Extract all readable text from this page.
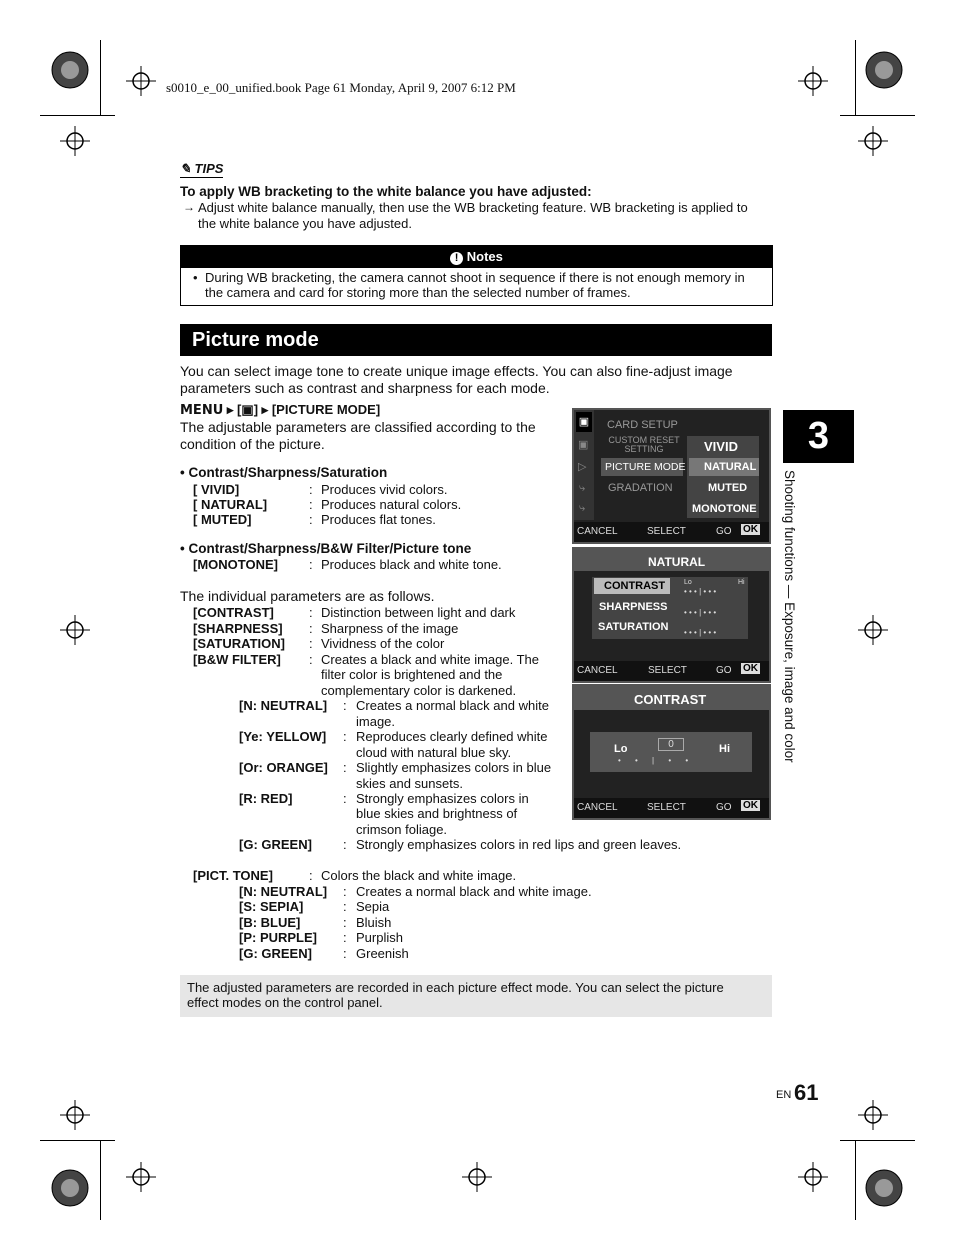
s0010_e_00_unified.book Page 61 Monday, April 9, 2007 6:12 PM
✎ TIPS
To apply WB bracketing to the white balance you have adjusted:
→ Adjust white balance manually, then use the WB bracketing feature. WB bracketing is applied to
the white balance you have adjusted.
! Notes
• During WB bracketing, the camera cannot shoot in sequence if there is not enough memory in
the camera and card for storing more than the selected number of frames.
Picture mode
You can select image tone to create unique image effects. You can also fine-adjust image
parameters such as contrast and sharpness for each mode.
MENU ▸ [▣] ▸ [PICTURE MODE]
The adjustable parameters are classified according to the
condition of the picture.
• Contrast/Sharpness/Saturation
[ VIVID]	: Produces vivid colors.
[ NATURAL]	: Produces natural colors.
[ MUTED]	: Produces flat tones.
• Contrast/Sharpness/B&W Filter/Picture tone
[MONOTONE] : Produces black and white tone.
The individual parameters are as follows.
[CONTRAST]	: Distinction between light and dark
[SHARPNESS] : Sharpness of the image
[SATURATION] : Vividness of the color
[B&W FILTER] : Creates a black and white image. The
filter color is brightened and the
complementary color is darkened.
[N: NEUTRAL] : Creates a normal black and white
image.
[Ye: YELLOW] : Reproduces clearly defined white
cloud with natural blue sky.
[Or: ORANGE] : Slightly emphasizes colors in blue
skies and sunsets.
[R: RED]	: Strongly emphasizes colors in
blue skies and brightness of
crimson foliage.
[G: GREEN] : Strongly emphasizes colors in red lips and green leaves.
[PICT. TONE]	: Colors the black and white image.
[N: NEUTRAL] : Creates a normal black and white image.
[S: SEPIA]	: Sepia
[B: BLUE]	: Bluish
[P: PURPLE] : Purplish
[G: GREEN] : Greenish
The adjusted parameters are recorded in each picture effect mode. You can select the picture
effect modes on the control panel.
▣
▣
▷
⤷
⤷
CARD SETUP
CUSTOM RESET SETTING
PICTURE MODE
GRADATION
VIVID
NATURAL
MUTED
MONOTONE
CANCEL	SELECT	GO OK
NATURAL
CONTRAST
SHARPNESS
SATURATION
Lo	Hi
• • • | • • •
• • • | • • •
• • • | • • •
CANCEL	SELECT	GO OK
CONTRAST
Lo	Hi
0
• • | • •
CANCEL	SELECT	GO OK
3
Shooting functions — Exposure, image and color
EN 61
